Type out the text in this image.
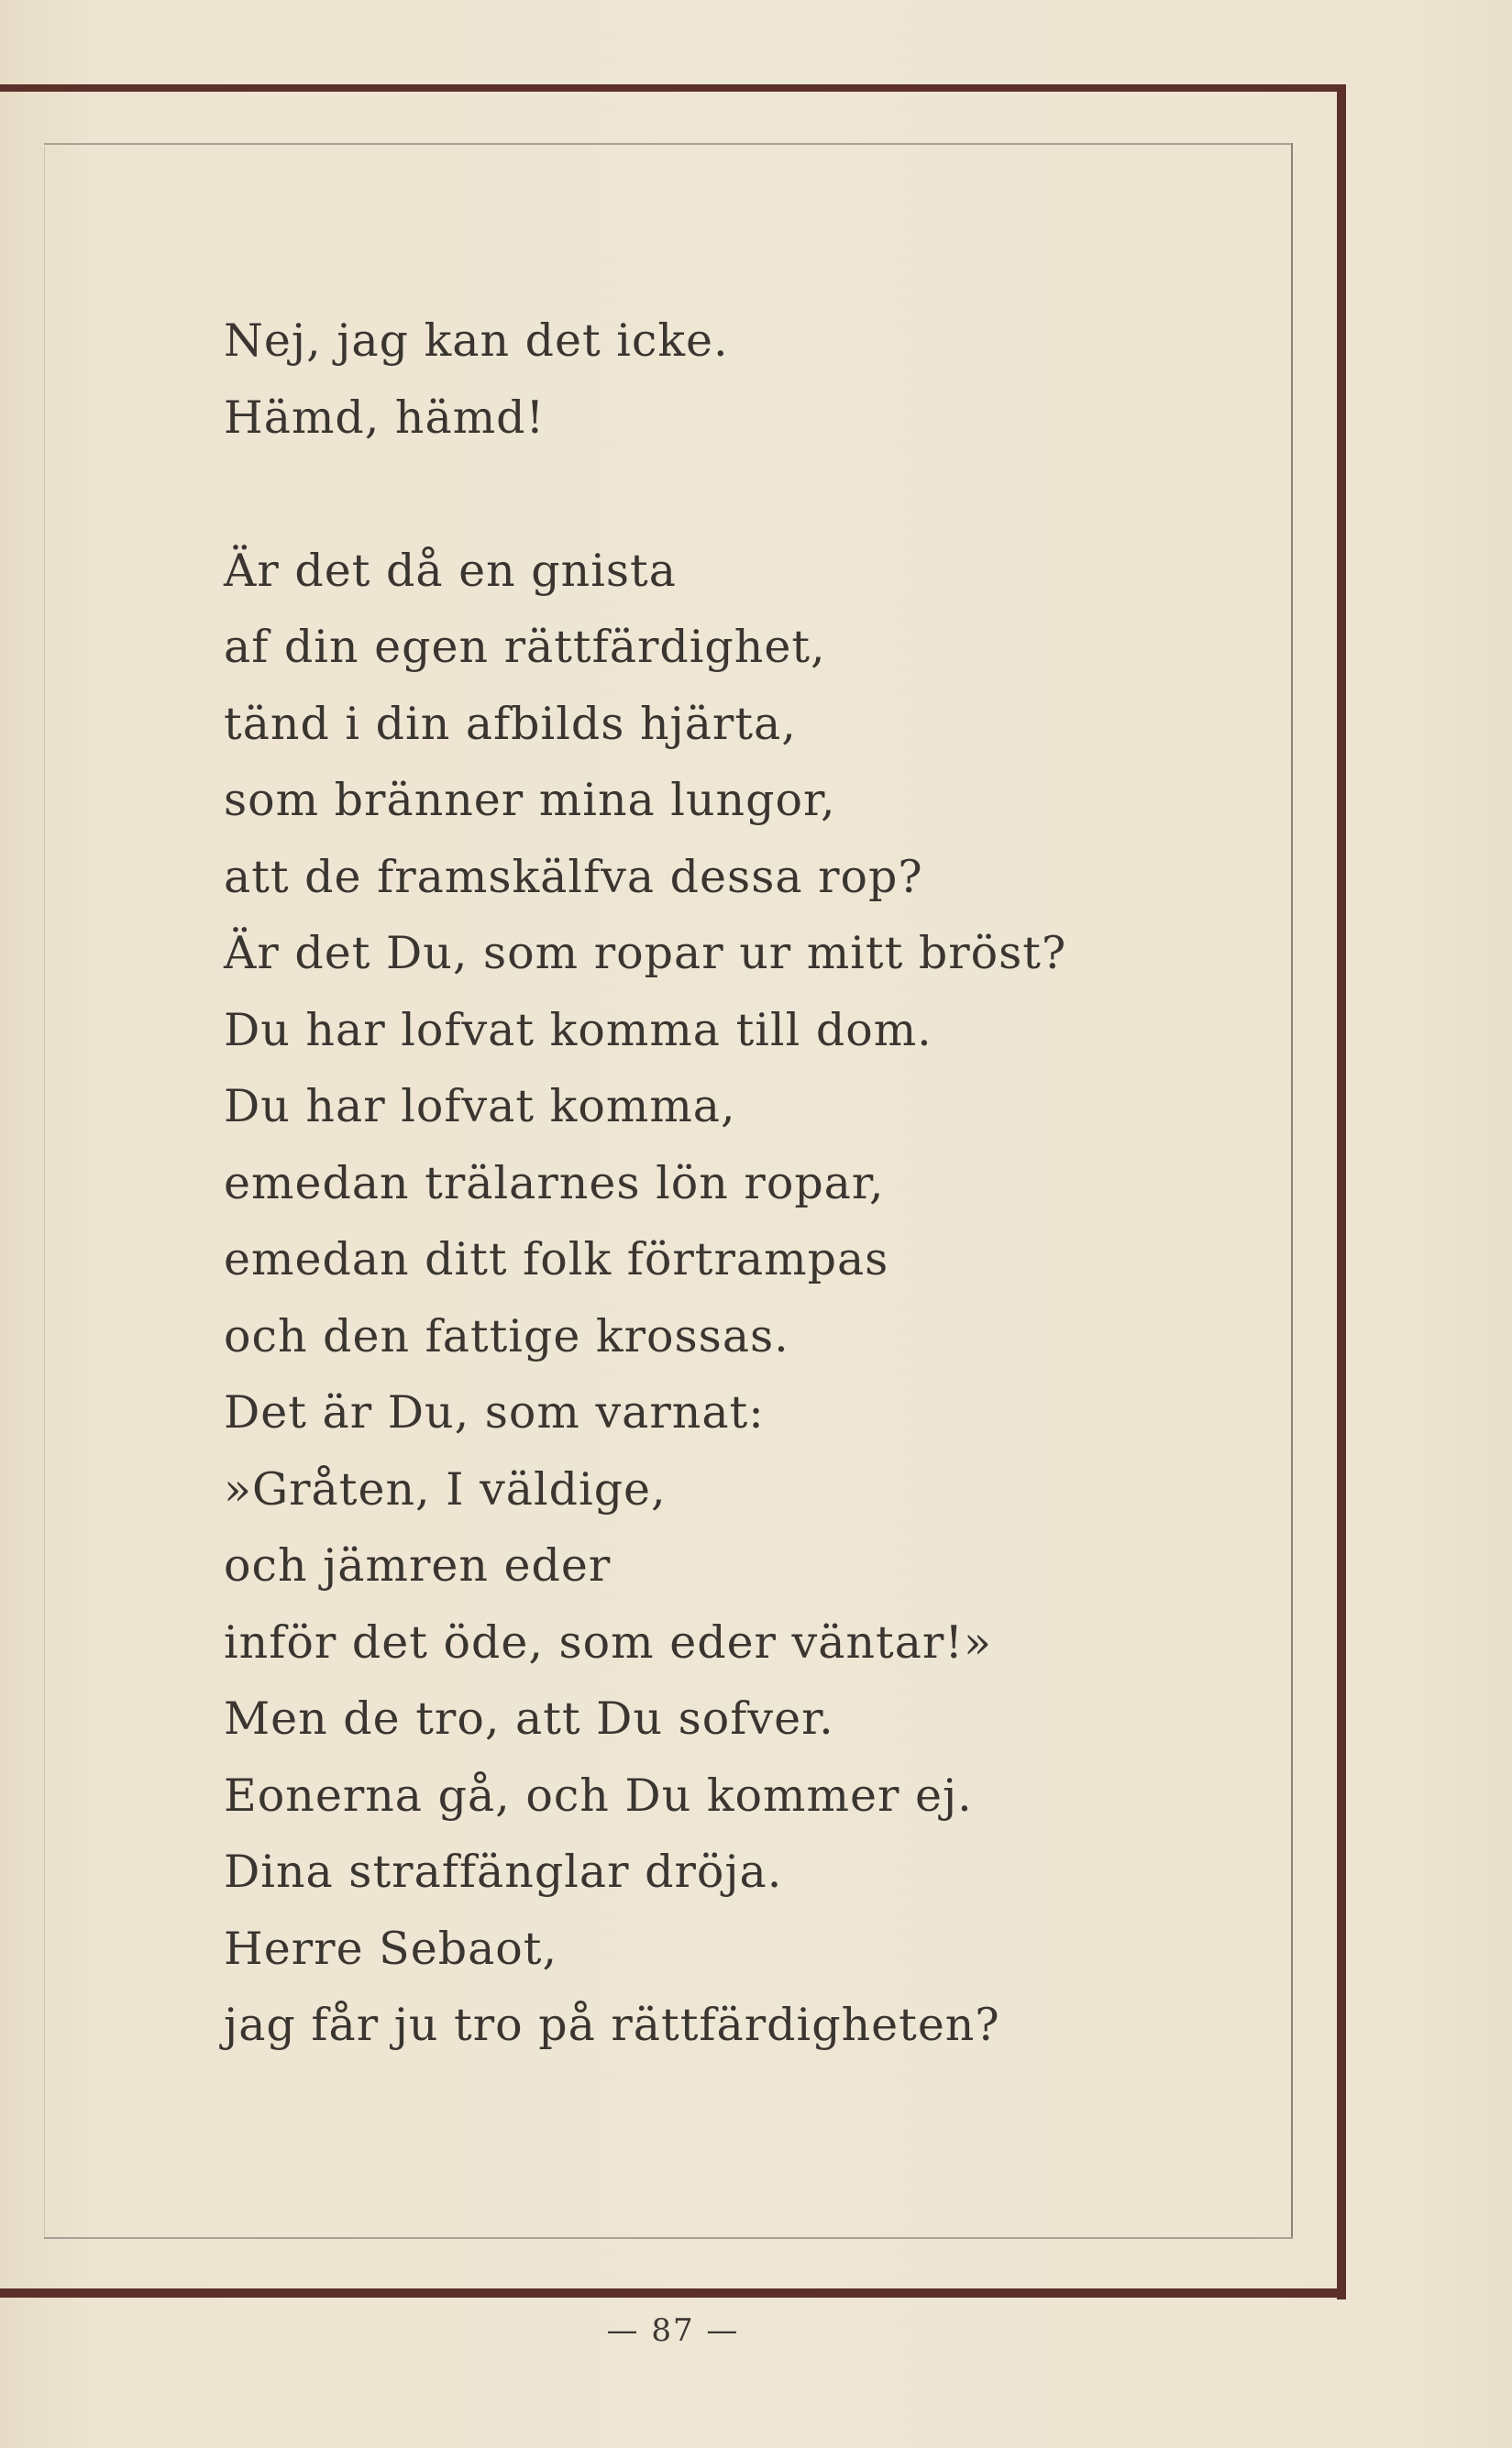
Nej, jag kan det icke.
Hämd, hämd!
Är det då en gnista
af din egen rättfärdighet,
tänd i din afbilds hjärta,
som bränner mina lungor,
att de framskälfva dessa rop?
Är det Du, som ropar ur mitt bröst?
Du har lofvat komma till dom.
Du har lofvat komma,
emedan trälarnes lön ropar,
emedan ditt folk förtrampas
och den fattige krossas.
Det är Du, som varnat:
»Gråten, I väldige,
och jämren eder
inför det öde, som eder väntar!»
Men de tro, att Du sofver.
Eonerna gå, och Du kommer ej.
Dina straffänglar dröja.
Herre Sebaot,
jag får ju tro på rättfärdigheten?
— 87 —
